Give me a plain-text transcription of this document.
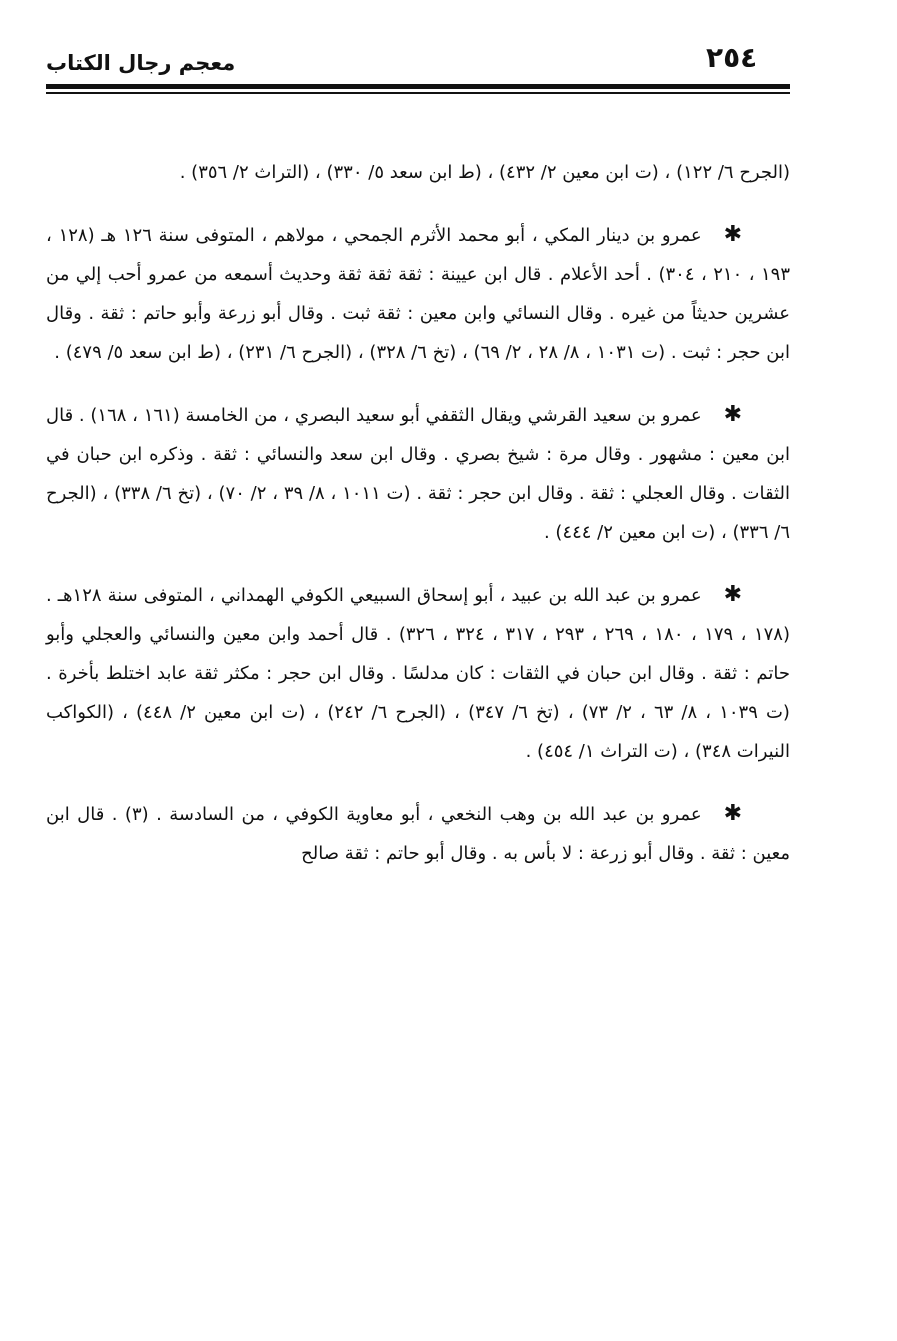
٢٥٤
معجم رجال الكتاب

(الجرح ٦/ ١٢٢) ، (ت ابن معين ٢/ ٤٣٢) ، (ط ابن سعد ٥/ ٣٣٠) ، (التراث ٢/ ٣٥٦) .

✱عمرو بن دينار المكي ، أبو محمد الأثرم الجمحي ، مولاهم ، المتوفى سنة ١٢٦ هـ (١٢٨ ، ١٩٣ ، ٢١٠ ، ٣٠٤) . أحد الأعلام . قال ابن عيينة : ثقة ثقة ثقة وحديث أسمعه من عمرو أحب إلي من عشرين حديثاً من غيره . وقال النسائي وابن معين : ثقة ثبت . وقال أبو زرعة وأبو حاتم : ثقة . وقال ابن حجر : ثبت . (ت ١٠٣١ ، ٨/ ٢٨ ، ٢/ ٦٩) ، (تخ ٦/ ٣٢٨) ، (الجرح ٦/ ٢٣١) ، (ط ابن سعد ٥/ ٤٧٩) .

✱عمرو بن سعيد القرشي ويقال الثقفي أبو سعيد البصري ، من الخامسة (١٦١ ، ١٦٨) . قال ابن معين : مشهور . وقال مرة : شيخ بصري . وقال ابن سعد والنسائي : ثقة . وذكره ابن حبان في الثقات . وقال العجلي : ثقة . وقال ابن حجر : ثقة . (ت ١٠١١ ، ٨/ ٣٩ ، ٢/ ٧٠) ، (تخ ٦/ ٣٣٨) ، (الجرح ٦/ ٣٣٦) ، (ت ابن معين ٢/ ٤٤٤) .

✱عمرو بن عبد الله بن عبيد ، أبو إسحاق السبيعي الكوفي الهمداني ، المتوفى سنة ١٢٨هـ . (١٧٨ ، ١٧٩ ، ١٨٠ ، ٢٦٩ ، ٢٩٣ ، ٣١٧ ، ٣٢٤ ، ٣٢٦) . قال أحمد وابن معين والنسائي والعجلي وأبو حاتم : ثقة . وقال ابن حبان في الثقات : كان مدلسًا . وقال ابن حجر : مكثر ثقة عابد اختلط بأخرة . (ت ١٠٣٩ ، ٨/ ٦٣ ، ٢/ ٧٣) ، (تخ ٦/ ٣٤٧) ، (الجرح ٦/ ٢٤٢) ، (ت ابن معين ٢/ ٤٤٨) ، (الكواكب النيرات ٣٤٨) ، (ت التراث ١/ ٤٥٤) .

✱عمرو بن عبد الله بن وهب النخعي ، أبو معاوية الكوفي ، من السادسة . (٣) . قال ابن معين : ثقة . وقال أبو زرعة : لا بأس به . وقال أبو حاتم : ثقة صالح
